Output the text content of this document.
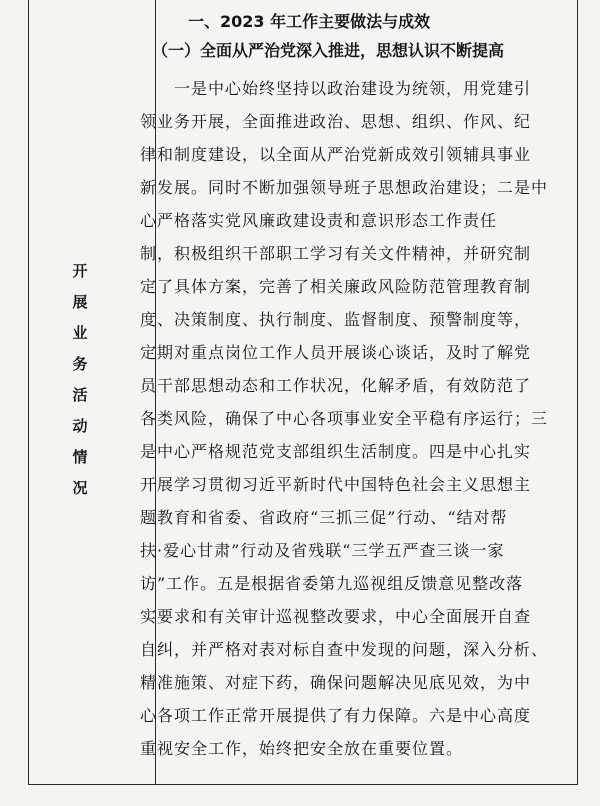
开
展
业
务
活
动
情
况
一、2023 年工作主要做法与成效
（一）全面从严治党深入推进，思想认识不断提高
一是中心始终坚持以政治建设为统领，用党建引
领业务开展，全面推进政治、思想、组织、作风、纪
律和制度建设，以全面从严治党新成效引领辅具事业
新发展。同时不断加强领导班子思想政治建设；二是中
心严格落实党风廉政建设责和意识形态工作责任
制，积极组织干部职工学习有关文件精神，并研究制
定了具体方案，完善了相关廉政风险防范管理教育制
度、决策制度、执行制度、监督制度、预警制度等，
定期对重点岗位工作人员开展谈心谈话，及时了解党
员干部思想动态和工作状况，化解矛盾，有效防范了
各类风险，确保了中心各项事业安全平稳有序运行；三
是中心严格规范党支部组织生活制度。四是中心扎实
开展学习贯彻习近平新时代中国特色社会主义思想主
题教育和省委、省政府“三抓三促”行动、“结对帮
扶·爱心甘肃”行动及省残联“三学五严查三谈一家
访”工作。五是根据省委第九巡视组反馈意见整改落
实要求和有关审计巡视整改要求，中心全面展开自查
自纠，并严格对表对标自查中发现的问题，深入分析、
精准施策、对症下药，确保问题解决见底见效，为中
心各项工作正常开展提供了有力保障。六是中心高度
重视安全工作，始终把安全放在重要位置。
